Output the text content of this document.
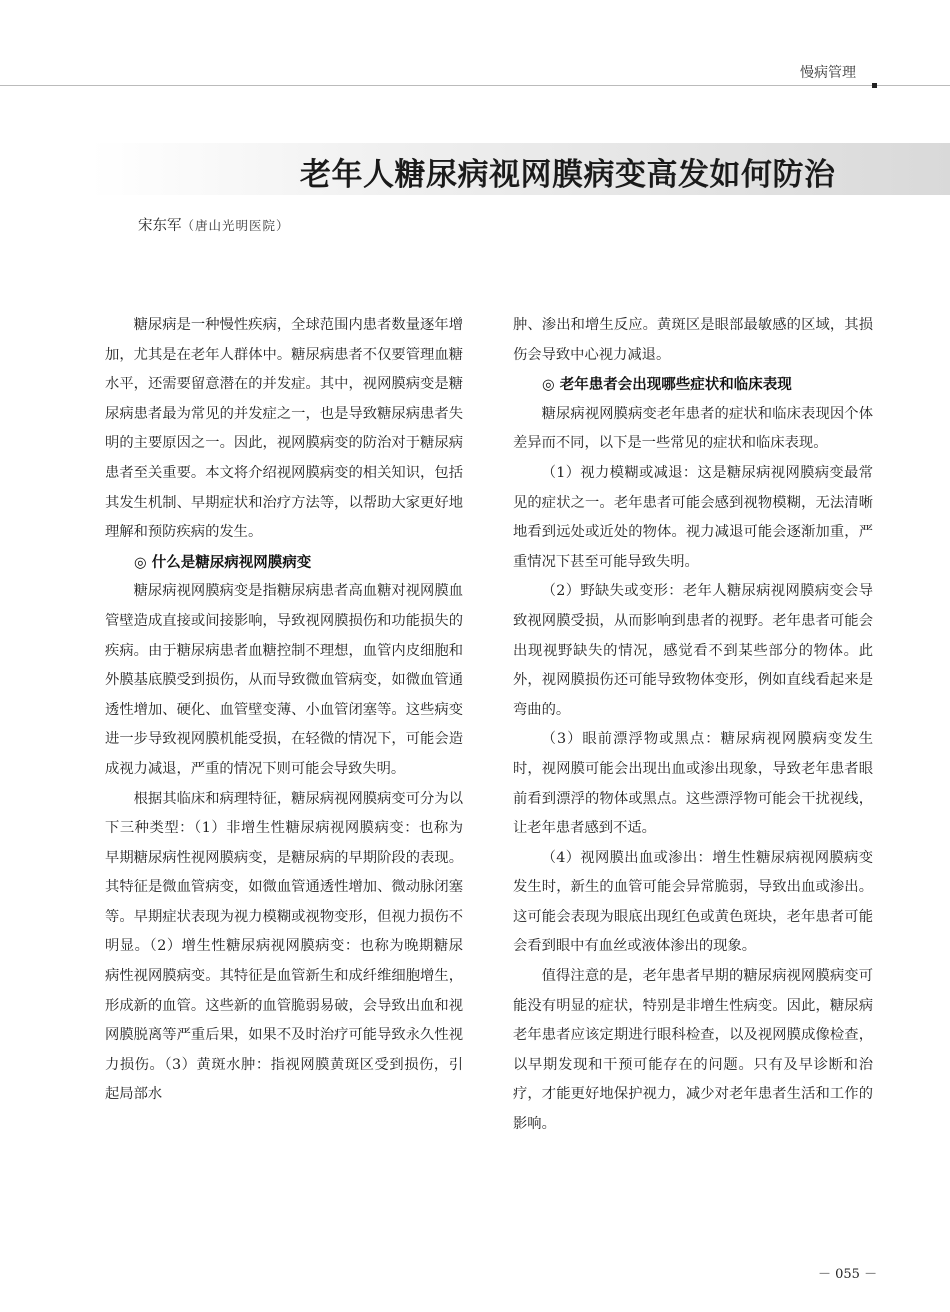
慢病管理
老年人糖尿病视网膜病变高发如何防治
宋东军（唐山光明医院）

糖尿病是一种慢性疾病，全球范围内患者数量逐年增加，尤其是在老年人群体中。糖尿病患者不仅要管理血糖水平，还需要留意潜在的并发症。其中，视网膜病变是糖尿病患者最为常见的并发症之一，也是导致糖尿病患者失明的主要原因之一。因此，视网膜病变的防治对于糖尿病患者至关重要。本文将介绍视网膜病变的相关知识，包括其发生机制、早期症状和治疗方法等，以帮助大家更好地理解和预防疾病的发生。

◎ 什么是糖尿病视网膜病变

糖尿病视网膜病变是指糖尿病患者高血糖对视网膜血管壁造成直接或间接影响，导致视网膜损伤和功能损失的疾病。由于糖尿病患者血糖控制不理想，血管内皮细胞和外膜基底膜受到损伤，从而导致微血管病变，如微血管通透性增加、硬化、血管壁变薄、小血管闭塞等。这些病变进一步导致视网膜机能受损，在轻微的情况下，可能会造成视力减退，严重的情况下则可能会导致失明。

根据其临床和病理特征，糖尿病视网膜病变可分为以下三种类型：（1）非增生性糖尿病视网膜病变：也称为早期糖尿病性视网膜病变，是糖尿病的早期阶段的表现。其特征是微血管病变，如微血管通透性增加、微动脉闭塞等。早期症状表现为视力模糊或视物变形，但视力损伤不明显。（2）增生性糖尿病视网膜病变：也称为晚期糖尿病性视网膜病变。其特征是血管新生和成纤维细胞增生，形成新的血管。这些新的血管脆弱易破，会导致出血和视网膜脱离等严重后果，如果不及时治疗可能导致永久性视力损伤。（3）黄斑水肿：指视网膜黄斑区受到损伤，引起局部水

肿、渗出和增生反应。黄斑区是眼部最敏感的区域，其损伤会导致中心视力减退。

◎ 老年患者会出现哪些症状和临床表现

糖尿病视网膜病变老年患者的症状和临床表现因个体差异而不同，以下是一些常见的症状和临床表现。

（1）视力模糊或减退：这是糖尿病视网膜病变最常见的症状之一。老年患者可能会感到视物模糊，无法清晰地看到远处或近处的物体。视力减退可能会逐渐加重，严重情况下甚至可能导致失明。

（2）野缺失或变形：老年人糖尿病视网膜病变会导致视网膜受损，从而影响到患者的视野。老年患者可能会出现视野缺失的情况，感觉看不到某些部分的物体。此外，视网膜损伤还可能导致物体变形，例如直线看起来是弯曲的。

（3）眼前漂浮物或黑点：糖尿病视网膜病变发生时，视网膜可能会出现出血或渗出现象，导致老年患者眼前看到漂浮的物体或黑点。这些漂浮物可能会干扰视线，让老年患者感到不适。

（4）视网膜出血或渗出：增生性糖尿病视网膜病变发生时，新生的血管可能会异常脆弱，导致出血或渗出。这可能会表现为眼底出现红色或黄色斑块，老年患者可能会看到眼中有血丝或液体渗出的现象。

值得注意的是，老年患者早期的糖尿病视网膜病变可能没有明显的症状，特别是非增生性病变。因此，糖尿病老年患者应该定期进行眼科检查，以及视网膜成像检查，以早期发现和干预可能存在的问题。只有及早诊断和治疗，才能更好地保护视力，减少对老年患者生活和工作的影响。

－ 055 －
